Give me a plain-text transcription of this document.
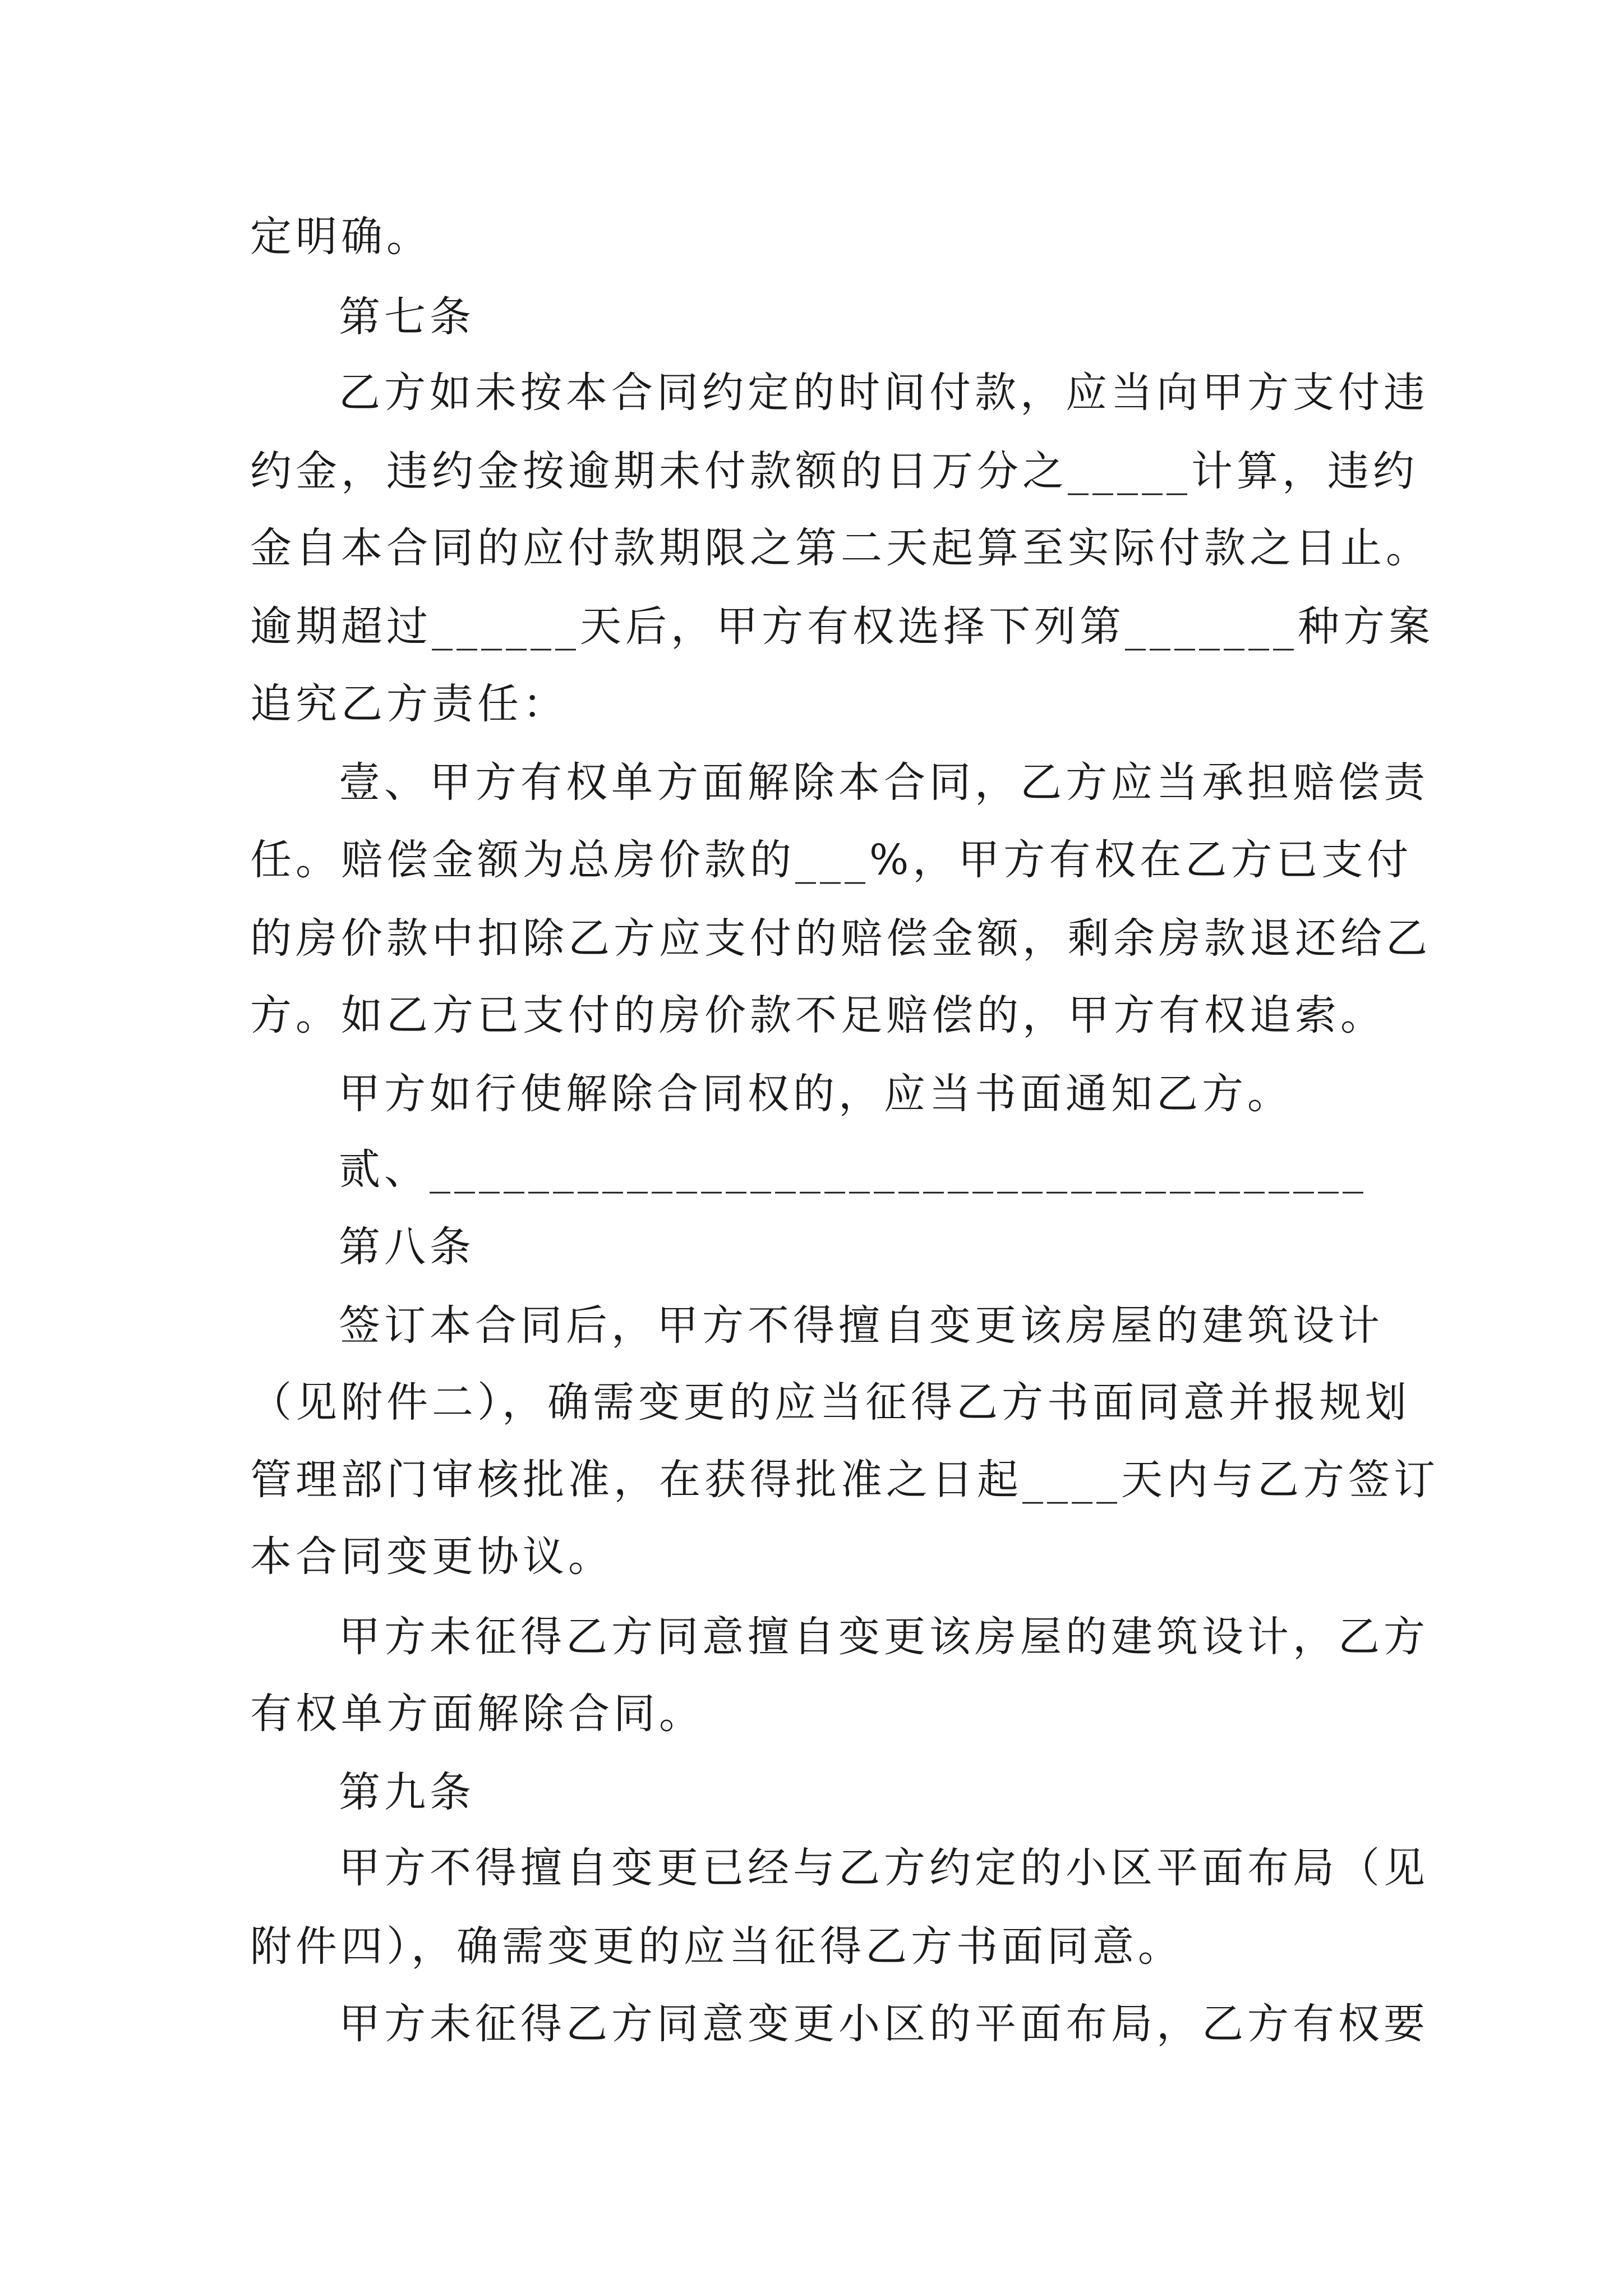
定明确。
第七条
乙方如未按本合同约定的时间付款，应当向甲方支付违
约金，违约金按逾期未付款额的日万分之_____计算，违约
金自本合同的应付款期限之第二天起算至实际付款之日止。
逾期超过______天后，甲方有权选择下列第_______种方案
追究乙方责任：
壹、甲方有权单方面解除本合同，乙方应当承担赔偿责
任。赔偿金额为总房价款的___%，甲方有权在乙方已支付
的房价款中扣除乙方应支付的赔偿金额，剩余房款退还给乙
方。如乙方已支付的房价款不足赔偿的，甲方有权追索。
甲方如行使解除合同权的，应当书面通知乙方。
贰、______________________________________
第八条
签订本合同后，甲方不得擅自变更该房屋的建筑设计
（见附件二），确需变更的应当征得乙方书面同意并报规划
管理部门审核批准，在获得批准之日起____天内与乙方签订
本合同变更协议。
甲方未征得乙方同意擅自变更该房屋的建筑设计，乙方
有权单方面解除合同。
第九条
甲方不得擅自变更已经与乙方约定的小区平面布局（见
附件四），确需变更的应当征得乙方书面同意。
甲方未征得乙方同意变更小区的平面布局，乙方有权要
